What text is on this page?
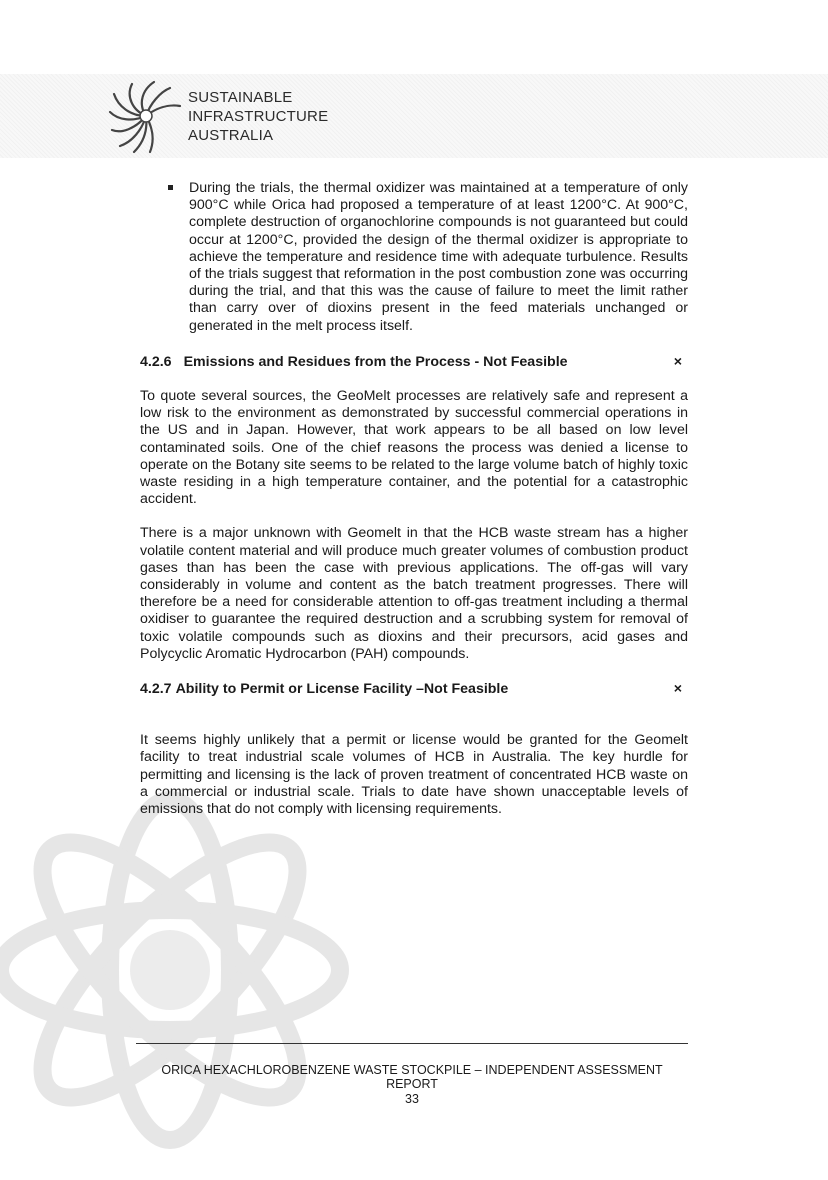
SUSTAINABLE
INFRASTRUCTURE
AUSTRALIA
During the trials, the thermal oxidizer was maintained at a temperature of only 900°C while Orica had proposed a temperature of at least 1200°C. At 900°C, complete destruction of organochlorine compounds is not guaranteed but could occur at 1200°C, provided the design of the thermal oxidizer is appropriate to achieve the temperature and residence time with adequate turbulence. Results of the trials suggest that reformation in the post combustion zone was occurring during the trial, and that this was the cause of failure to meet the limit rather than carry over of dioxins present in the feed materials unchanged or generated in the melt process itself.
4.2.6 Emissions and Residues from the Process - Not Feasible	×

To quote several sources, the GeoMelt processes are relatively safe and represent a low risk to the environment as demonstrated by successful commercial operations in the US and in Japan. However, that work appears to be all based on low level contaminated soils. One of the chief reasons the process was denied a license to operate on the Botany site seems to be related to the large volume batch of highly toxic waste residing in a high temperature container, and the potential for a catastrophic accident.

There is a major unknown with Geomelt in that the HCB waste stream has a higher volatile content material and will produce much greater volumes of combustion product gases than has been the case with previous applications. The off-gas will vary considerably in volume and content as the batch treatment progresses. There will therefore be a need for considerable attention to off-gas treatment including a thermal oxidiser to guarantee the required destruction and a scrubbing system for removal of toxic volatile compounds such as dioxins and their precursors, acid gases and Polycyclic Aromatic Hydrocarbon (PAH) compounds.

4.2.7 Ability to Permit or License Facility –Not Feasible	×

It seems highly unlikely that a permit or license would be granted for the Geomelt facility to treat industrial scale volumes of HCB in Australia. The key hurdle for permitting and licensing is the lack of proven treatment of concentrated HCB waste on a commercial or industrial scale. Trials to date have shown unacceptable levels of emissions that do not comply with licensing requirements.

ORICA HEXACHLOROBENZENE WASTE STOCKPILE – INDEPENDENT ASSESSMENT REPORT
33
